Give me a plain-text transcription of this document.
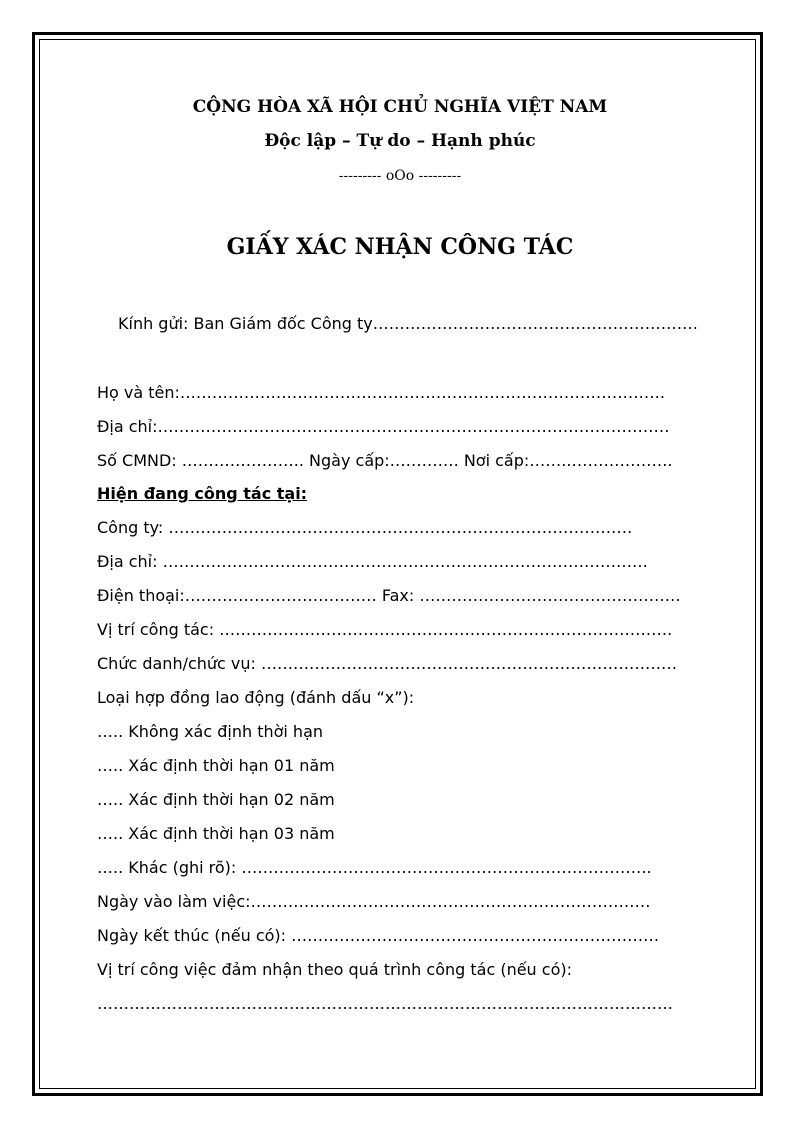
CỘNG HÒA XÃ HỘI CHỦ NGHĨA VIỆT NAM
Độc lập – Tự do – Hạnh phúc
--------- oOo ---------
GIẤY XÁC NHẬN CÔNG TÁC
Kính gửi: Ban Giám đốc Công ty…………………………………………………….
Họ và tên:……………………………………………………………………………….
Địa chỉ:……………………………………………………………………………………
Số CMND: ………………….. Ngày cấp:…………. Nơi cấp:……..……………….
Hiện đang công tác tại:
Công ty: ……………………………………………………………………………
Địa chỉ: ……………………………………………………………………………….
Điện thoại:……………………………… Fax: ………………………………………….
Vị trí công tác: ………………………………………………………………………….
Chức danh/chức vụ: ……………………………………………………………………
Loại hợp đồng lao động (đánh dấu “x”):
….. Không xác định thời hạn
….. Xác định thời hạn 01 năm
….. Xác định thời hạn 02 năm
….. Xác định thời hạn 03 năm
….. Khác (ghi rõ): …………………………………………………………………..
Ngày vào làm việc:…………………………………………………………………
Ngày kết thúc (nếu có): ……………………………………………………………
Vị trí công việc đảm nhận theo quá trình công tác (nếu có):
………………………………………………………………………………………………
